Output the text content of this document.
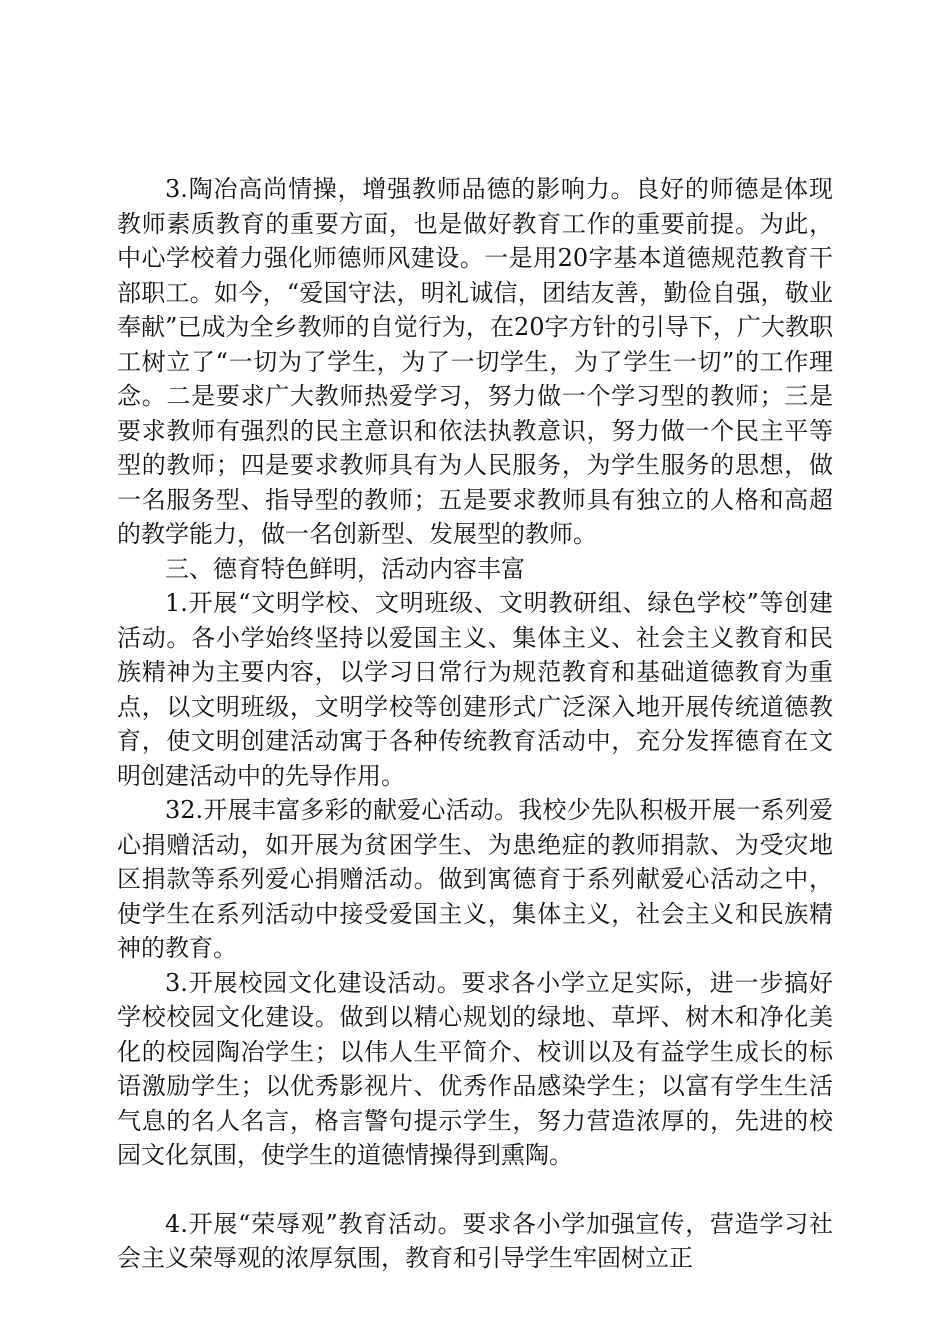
3.陶冶高尚情操，增强教师品德的影响力。良好的师德是体现教师素质教育的重要方面，也是做好教育工作的重要前提。为此，中心学校着力强化师德师风建设。一是用20字基本道德规范教育干部职工。如今，“爱国守法，明礼诚信，团结友善，勤俭自强，敬业奉献”已成为全乡教师的自觉行为，在20字方针的引导下，广大教职工树立了“一切为了学生，为了一切学生，为了学生一切”的工作理念。二是要求广大教师热爱学习，努力做一个学习型的教师；三是要求教师有强烈的民主意识和依法执教意识，努力做一个民主平等型的教师；四是要求教师具有为人民服务，为学生服务的思想，做一名服务型、指导型的教师；五是要求教师具有独立的人格和高超的教学能力，做一名创新型、发展型的教师。

三、德育特色鲜明，活动内容丰富

1.开展“文明学校、文明班级、文明教研组、绿色学校”等创建活动。各小学始终坚持以爱国主义、集体主义、社会主义教育和民族精神为主要内容，以学习日常行为规范教育和基础道德教育为重点，以文明班级，文明学校等创建形式广泛深入地开展传统道德教育，使文明创建活动寓于各种传统教育活动中，充分发挥德育在文明创建活动中的先导作用。

32.开展丰富多彩的献爱心活动。我校少先队积极开展一系列爱心捐赠活动，如开展为贫困学生、为患绝症的教师捐款、为受灾地区捐款等系列爱心捐赠活动。做到寓德育于系列献爱心活动之中，使学生在系列活动中接受爱国主义，集体主义，社会主义和民族精神的教育。

3.开展校园文化建设活动。要求各小学立足实际，进一步搞好学校校园文化建设。做到以精心规划的绿地、草坪、树木和净化美化的校园陶冶学生；以伟人生平简介、校训以及有益学生成长的标语激励学生；以优秀影视片、优秀作品感染学生；以富有学生生活气息的名人名言，格言警句提示学生，努力营造浓厚的，先进的校园文化氛围，使学生的道德情操得到熏陶。

4.开展“荣辱观”教育活动。要求各小学加强宣传，营造学习社会主义荣辱观的浓厚氛围，教育和引导学生牢固树立正
